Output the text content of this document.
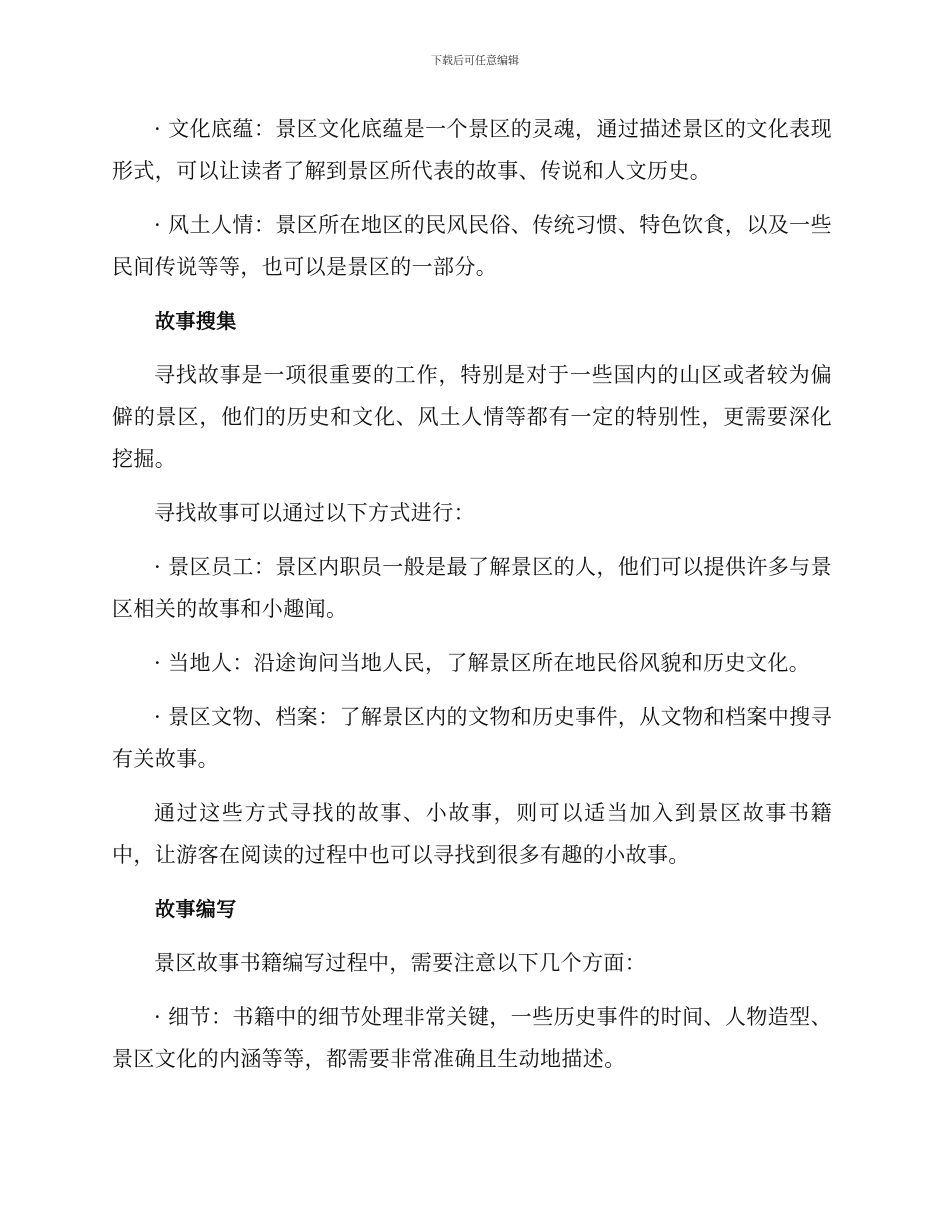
下载后可任意编辑

· 文化底蕴：景区文化底蕴是一个景区的灵魂，通过描述景区的文化表现形式，可以让读者了解到景区所代表的故事、传说和人文历史。

· 风土人情：景区所在地区的民风民俗、传统习惯、特色饮食，以及一些民间传说等等，也可以是景区的一部分。

故事搜集

寻找故事是一项很重要的工作，特别是对于一些国内的山区或者较为偏僻的景区，他们的历史和文化、风土人情等都有一定的特别性，更需要深化挖掘。

寻找故事可以通过以下方式进行：

· 景区员工：景区内职员一般是最了解景区的人，他们可以提供许多与景区相关的故事和小趣闻。

· 当地人：沿途询问当地人民，了解景区所在地民俗风貌和历史文化。

· 景区文物、档案：了解景区内的文物和历史事件，从文物和档案中搜寻有关故事。

通过这些方式寻找的故事、小故事，则可以适当加入到景区故事书籍中，让游客在阅读的过程中也可以寻找到很多有趣的小故事。

故事编写

景区故事书籍编写过程中，需要注意以下几个方面：

· 细节：书籍中的细节处理非常关键，一些历史事件的时间、人物造型、景区文化的内涵等等，都需要非常准确且生动地描述。
